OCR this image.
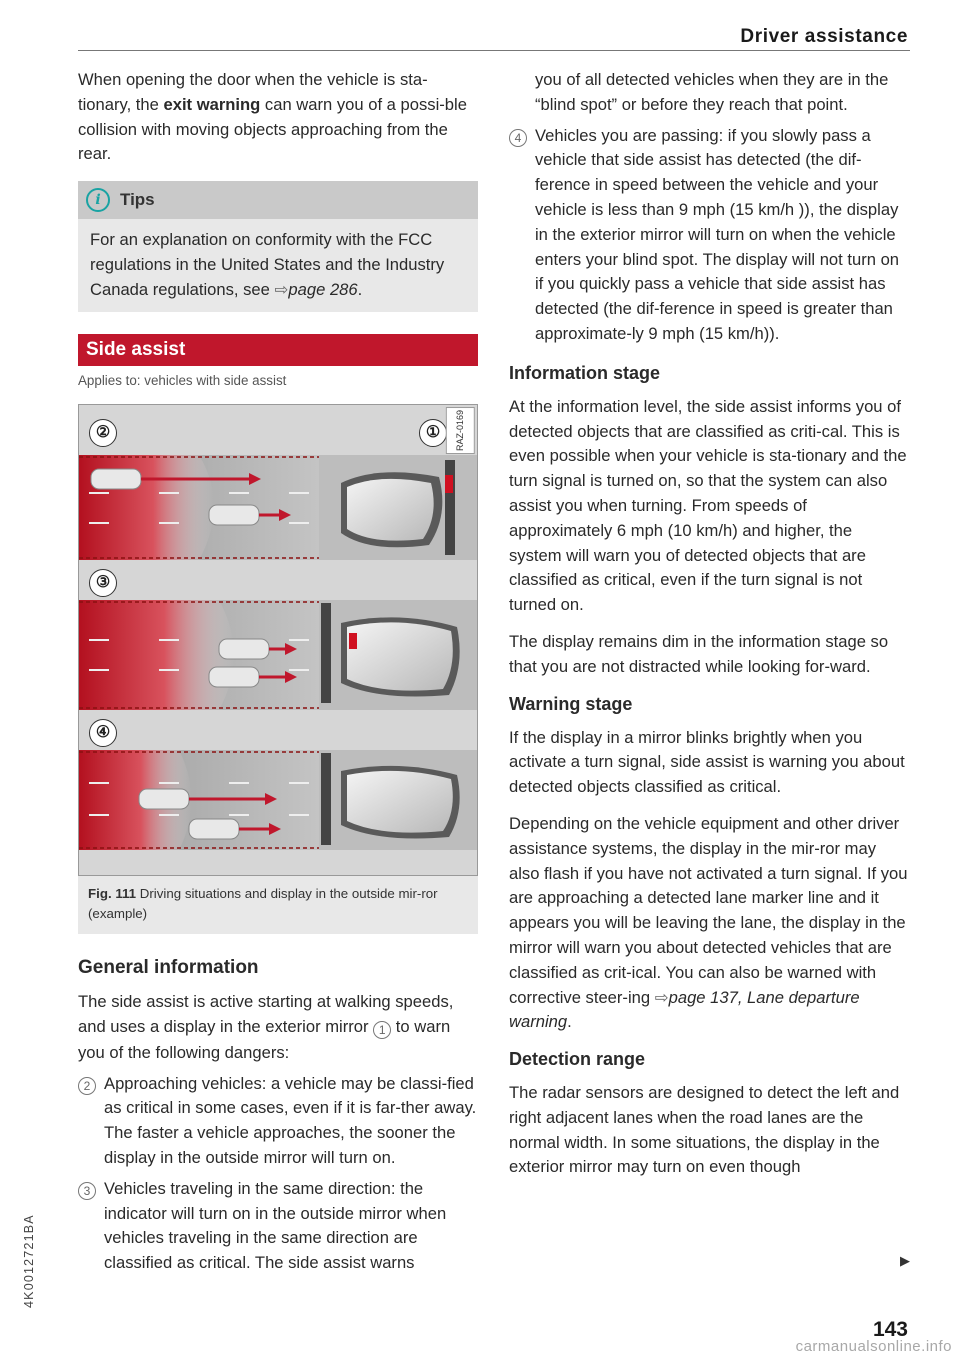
Driver assistance

When opening the door when the vehicle is sta- tionary, the exit warning can warn you of a possi-ble collision with moving objects approaching from the rear.

i	Tips
For an explanation on conformity with the FCC regulations in the United States and the Industry Canada regulations, see ⇨page 286.
Side assist
Applies to: vehicles with side assist
②	①
③
④
RAZ-0169
Fig. 111 Driving situations and display in the outside mir-ror (example)
General information

The side assist is active starting at walking speeds, and uses a display in the exterior mirror 1 to warn you of the following dangers:

2 Approaching vehicles: a vehicle may be classi-fied as critical in some cases, even if it is far-ther away. The faster a vehicle approaches, the sooner the display in the outside mirror will turn on.
3 Vehicles traveling in the same direction: the indicator will turn on in the outside mirror when vehicles traveling in the same direction are classified as critical. The side assist warns
you of all detected vehicles when they are in the “blind spot” or before they reach that point.
4 Vehicles you are passing: if you slowly pass a vehicle that side assist has detected (the dif-ference in speed between the vehicle and your vehicle is less than 9 mph (15 km/h )), the display in the exterior mirror will turn on when the vehicle enters your blind spot. The display will not turn on if you quickly pass a vehicle that side assist has detected (the dif-ference in speed is greater than approximate-ly 9 mph (15 km/h)).
Information stage

At the information level, the side assist informs you of detected objects that are classified as criti-cal. This is even possible when your vehicle is sta-tionary and the turn signal is turned on, so that the system can also assist you when turning. From speeds of approximately 6 mph (10 km/h) and higher, the system will warn you of detected objects that are classified as critical, even if the turn signal is not turned on.

The display remains dim in the information stage so that you are not distracted while looking for-ward.

Warning stage

If the display in a mirror blinks brightly when you activate a turn signal, side assist is warning you about detected objects classified as critical.

Depending on the vehicle equipment and other driver assistance systems, the display in the mir-ror may also flash if you have not activated a turn signal. If you are approaching a detected lane marker line and it appears you will be leaving the lane, the display in the mirror will warn you about detected vehicles that are classified as crit-ical. You can also be warned with corrective steer-ing ⇨page 137, Lane departure warning.

Detection range

The radar sensors are designed to detect the left and right adjacent lanes when the road lanes are the normal width. In some situations, the display in the exterior mirror may turn on even though

▶
4K0012721BA
143
carmanualsonline.info
